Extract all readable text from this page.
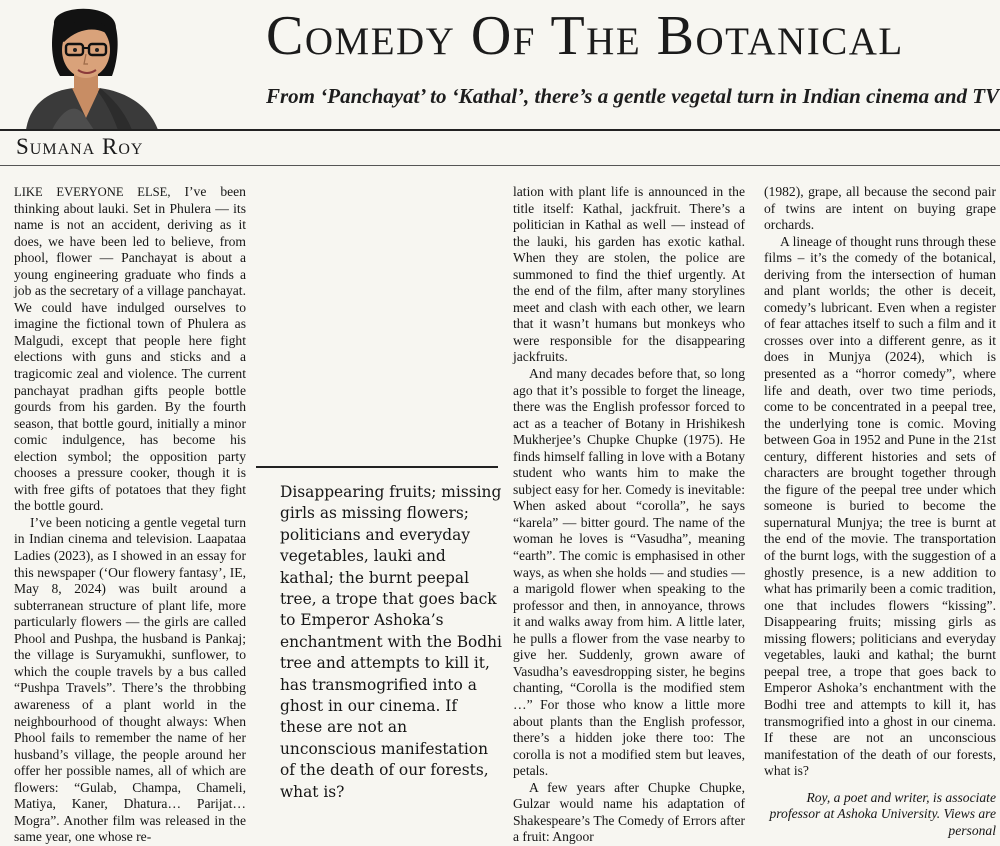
Comedy Of The Botanical
From ‘Panchayat’ to ‘Kathal’, there’s a gentle vegetal turn in Indian cinema and TV
Sumana Roy

LIKE EVERYONE ELSE, I’ve been thinking about lauki. Set in Phulera — its name is not an accident, deriving as it does, we have been led to believe, from phool, flower — Panchayat is about a young engineering graduate who finds a job as the secretary of a village panchayat. We could have indulged ourselves to imagine the fictional town of Phulera as Malgudi, except that people here fight elections with guns and sticks and a tragicomic zeal and violence. The current panchayat pradhan gifts people bottle gourds from his garden. By the fourth season, that bottle gourd, initially a minor comic indulgence, has become his election symbol; the opposition party chooses a pressure cooker, though it is with free gifts of potatoes that they fight the bottle gourd.

I’ve been noticing a gentle vegetal turn in Indian cinema and television. Laapataa Ladies (2023), as I showed in an essay for this newspaper (‘Our flowery fantasy’, IE, May 8, 2024) was built around a subterranean structure of plant life, more particularly flowers — the girls are called Phool and Pushpa, the husband is Pankaj; the village is Suryamukhi, sunflower, to which the couple travels by a bus called “Pushpa Travels”. There’s the throbbing awareness of a plant world in the neighbourhood of thought always: When Phool fails to remember the name of her husband’s village, the people around her offer her possible names, all of which are flowers: “Gulab, Champa, Chameli, Matiya, Kaner, Dhatura… Parijat… Mogra”. Another film was released in the same year, one whose re-

Disappearing fruits; missing girls as missing flowers; politicians and everyday vegetables, lauki and kathal; the burnt peepal tree, a trope that goes back to Emperor Ashoka’s enchantment with the Bodhi tree and attempts to kill it, has transmogrified into a ghost in our cinema. If these are not an unconscious manifestation of the death of our forests, what is?

lation with plant life is announced in the title itself: Kathal, jackfruit. There’s a politician in Kathal as well — instead of the lauki, his garden has exotic kathal. When they are stolen, the police are summoned to find the thief urgently. At the end of the film, after many storylines meet and clash with each other, we learn that it wasn’t humans but monkeys who were responsible for the disappearing jackfruits.

And many decades before that, so long ago that it’s possible to forget the lineage, there was the English professor forced to act as a teacher of Botany in Hrishikesh Mukherjee’s Chupke Chupke (1975). He finds himself falling in love with a Botany student who wants him to make the subject easy for her. Comedy is inevitable: When asked about “corolla”, he says “karela” — bitter gourd. The name of the woman he loves is “Vasudha”, meaning “earth”. The comic is emphasised in other ways, as when she holds — and studies — a marigold flower when speaking to the professor and then, in annoyance, throws it and walks away from him. A little later, he pulls a flower from the vase nearby to give her. Suddenly, grown aware of Vasudha’s eavesdropping sister, he begins chanting, “Corolla is the modified stem …” For those who know a little more about plants than the English professor, there’s a hidden joke there too: The corolla is not a modified stem but leaves, petals.

A few years after Chupke Chupke, Gulzar would name his adaptation of Shakespeare’s The Comedy of Errors after a fruit: Angoor

(1982), grape, all because the second pair of twins are intent on buying grape orchards.

A lineage of thought runs through these films – it’s the comedy of the botanical, deriving from the intersection of human and plant worlds; the other is deceit, comedy’s lubricant. Even when a register of fear attaches itself to such a film and it crosses over into a different genre, as it does in Munjya (2024), which is presented as a “horror comedy”, where life and death, over two time periods, come to be concentrated in a peepal tree, the underlying tone is comic. Moving between Goa in 1952 and Pune in the 21st century, different histories and sets of characters are brought together through the figure of the peepal tree under which someone is buried to become the supernatural Munjya; the tree is burnt at the end of the movie. The transportation of the burnt logs, with the suggestion of a ghostly presence, is a new addition to what has primarily been a comic tradition, one that includes flowers “kissing”. Disappearing fruits; missing girls as missing flowers; politicians and everyday vegetables, lauki and kathal; the burnt peepal tree, a trope that goes back to Emperor Ashoka’s enchantment with the Bodhi tree and attempts to kill it, has transmogrified into a ghost in our cinema. If these are not an unconscious manifestation of the death of our forests, what is?

Roy, a poet and writer, is associate professor at Ashoka University. Views are personal
